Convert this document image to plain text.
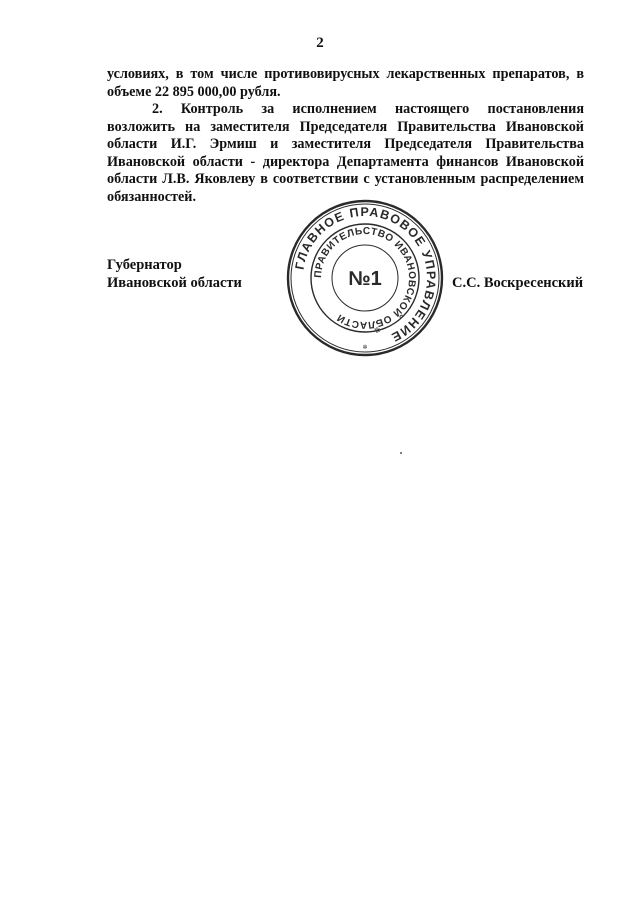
2
условиях, в том числе противовирусных лекарственных препаратов, в
объеме 22 895 000,00 рубля.
2. Контроль за исполнением настоящего постановления
возложить на заместителя Председателя Правительства Ивановской
области И.Г. Эрмиш и заместителя Председателя Правительства
Ивановской области - директора Департамента финансов Ивановской
области Л.В. Яковлеву в соответствии с установленным распределением
обязанностей.
ГЛАВНОЕ ПРАВОВОЕ УПРАВЛЕНИЕ
ПРАВИТЕЛЬСТВО ИВАНОВСКОЙ ОБЛАСТИ
№1
✲
✲
Губернатор
Ивановской области	С.С. Воскресенский
